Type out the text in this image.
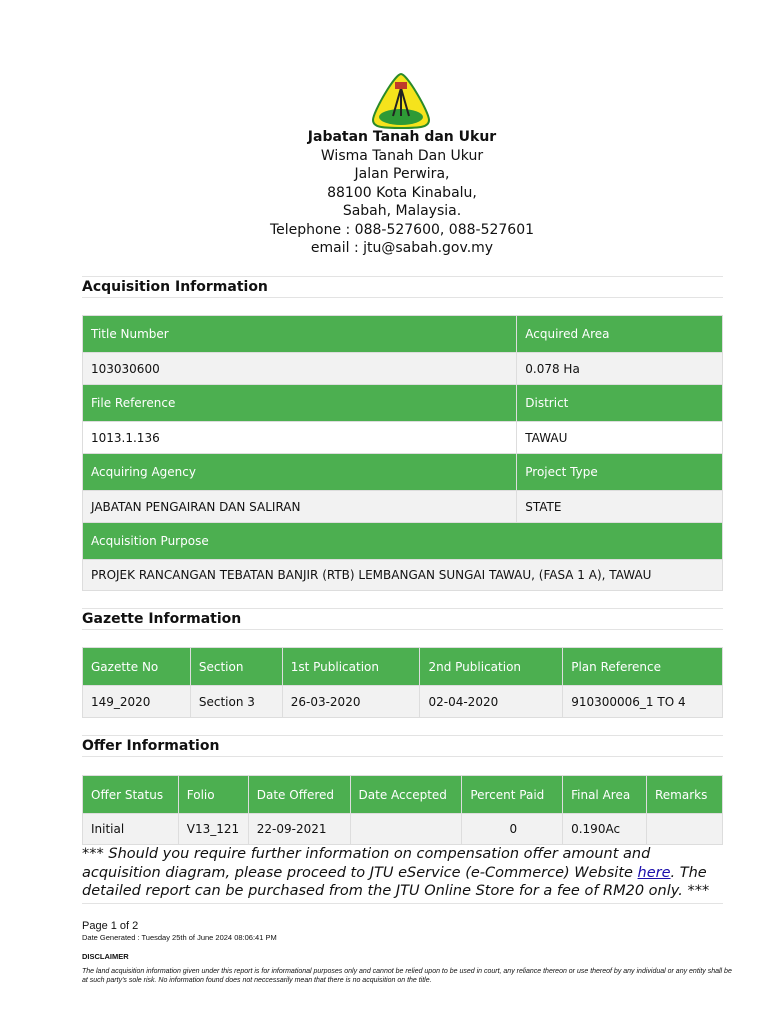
Jabatan Tanah dan Ukur
Wisma Tanah Dan Ukur
Jalan Perwira,
88100 Kota Kinabalu,
Sabah, Malaysia.
Telephone : 088-527600, 088-527601
email : jtu@sabah.gov.my
Acquisition Information
Title Number	Acquired Area
103030600	0.078 Ha
File Reference	District
1013.1.136	TAWAU
Acquiring Agency	Project Type
JABATAN PENGAIRAN DAN SALIRAN	STATE
Acquisition Purpose	
PROJEK RANCANGAN TEBATAN BANJIR (RTB) LEMBANGAN SUNGAI TAWAU, (FASA 1 A), TAWAU	
Gazette Information
Gazette No	Section	1st Publication	2nd Publication	Plan Reference
149_2020	Section 3	26-03-2020	02-04-2020	910300006_1 TO 4
Offer Information
Offer Status	Folio	Date Offered	Date Accepted	Percent Paid	Final Area	Remarks
Initial	V13_121	22-09-2021		0	0.190Ac	
*** Should you require further information on compensation offer amount and acquisition diagram, please proceed to JTU eService (e-Commerce) Website here. The detailed report can be purchased from the JTU Online Store for a fee of RM20 only. ***
Page 1 of 2
Date Generated : Tuesday 25th of June 2024 08:06:41 PM
DISCLAIMER
The land acquisition information given under this report is for informational purposes only and cannot be relied upon to be used in court, any reliance thereon or use thereof by any individual or any entity shall be at such party's sole risk. No information found does not neccessarily mean that there is no acquisition on the title.
